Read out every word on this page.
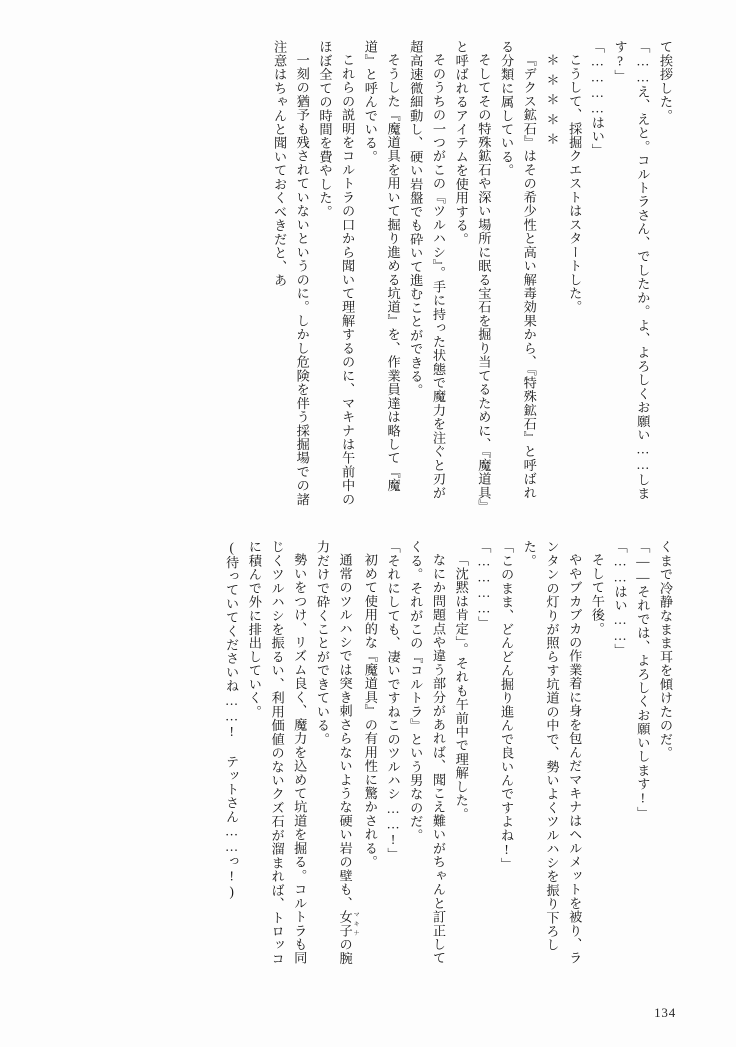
て挨拶した。

「……え、えと。コルトラさん、でしたか。よ、よろしくお願い……します?」

「…………はい」

こうして、採掘クエストはスタートした。

＊＊＊＊＊

『デクス鉱石』はその希少性と高い解毒効果から、『特殊鉱石』と呼ばれる分類に属している。

そしてその特殊鉱石や深い場所に眠る宝石を掘り当てるために、『魔道具』と呼ばれるアイテムを使用する。

そのうちの一つがこの『ツルハシ』。手に持った状態で魔力を注ぐと刃が超高速微細動し、硬い岩盤でも砕いて進むことができる。

そうした『魔道具を用いて掘り進める坑道』を、作業員達は略して『魔道』と呼んでいる。

これらの説明をコルトラの口から聞いて理解するのに、マキナは午前中のほぼ全ての時間を費やした。

一刻の猶予も残されていないというのに。しかし危険を伴う採掘場での諸注意はちゃんと聞いておくべきだと、あ

くまで冷静なまま耳を傾けたのだ。

「――それでは、よろしくお願いします!」

「……はい……」

そして午後。

ややブカブカの作業着に身を包んだマキナはヘルメットを被り、ランタンの灯りが照らす坑道の中で、勢いよくツルハシを振り下ろした。

「このまま、どんどん掘り進んで良いんですよね!」

「…………」

「沈黙は肯定」。それも午前中で理解した。

なにか問題点や違う部分があれば、聞こえ難いがちゃんと訂正してくる。それがこの『コルトラ』という男なのだ。

「それにしても、凄いですねこのツルハシ……!」

初めて使用的な『魔道具』の有用性に驚かされる。

通常のツルハシでは突き刺さらないような硬い岩の壁も、女子 マキナの腕力だけで砕くことができている。

勢いをつけ、リズム良く、魔力を込めて坑道を掘る。コルトラも同じくツルハシを振るい、利用価値のないクズ石が溜まれば、トロッコに積んで外に排出していく。

(待っていてくださいね……! テットさん……っ!)

134
